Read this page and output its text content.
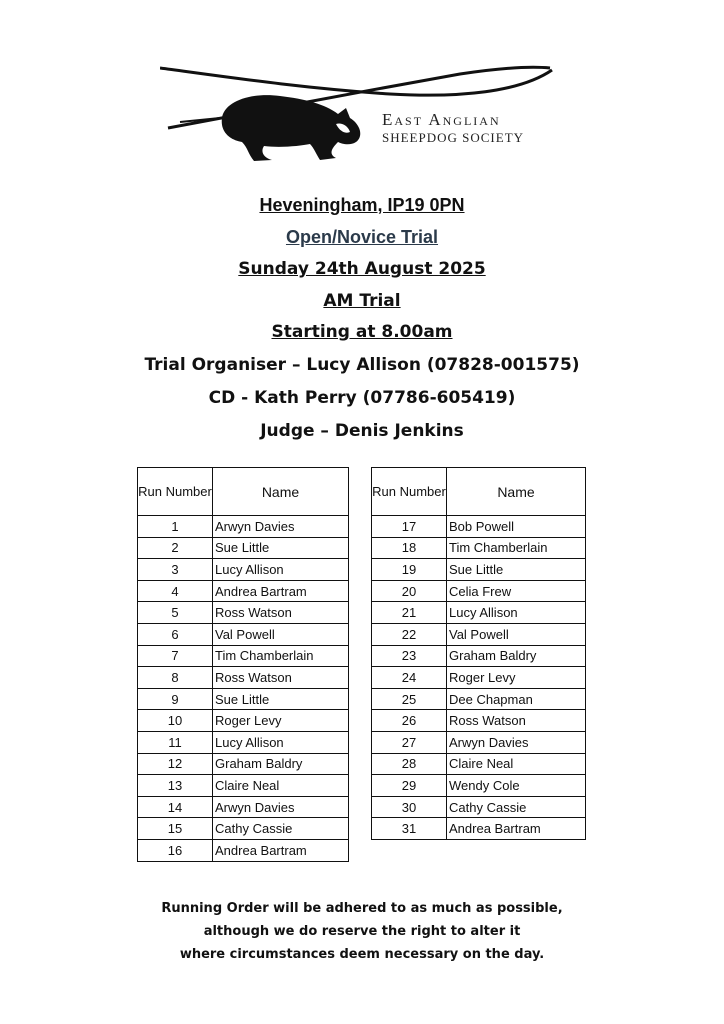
East Anglian
SHEEPDOG SOCIETY
Heveningham, IP19 0PN
Open/Novice Trial
Sunday 24th August 2025
AM Trial
Starting at 8.00am
Trial Organiser – Lucy Allison (07828-001575)
CD - Kath Perry (07786-605419)
Judge – Denis Jenkins
Run Number	Name
1	Arwyn Davies
2	Sue Little
3	Lucy Allison
4	Andrea Bartram
5	Ross Watson
6	Val Powell
7	Tim Chamberlain
8	Ross Watson
9	Sue Little
10	Roger Levy
11	Lucy Allison
12	Graham Baldry
13	Claire Neal
14	Arwyn Davies
15	Cathy Cassie
16	Andrea Bartram
Run Number	Name
17	Bob Powell
18	Tim Chamberlain
19	Sue Little
20	Celia Frew
21	Lucy Allison
22	Val Powell
23	Graham Baldry
24	Roger Levy
25	Dee Chapman
26	Ross Watson
27	Arwyn Davies
28	Claire Neal
29	Wendy Cole
30	Cathy Cassie
31	Andrea Bartram
Running Order will be adhered to as much as possible,
although we do reserve the right to alter it
where circumstances deem necessary on the day.
